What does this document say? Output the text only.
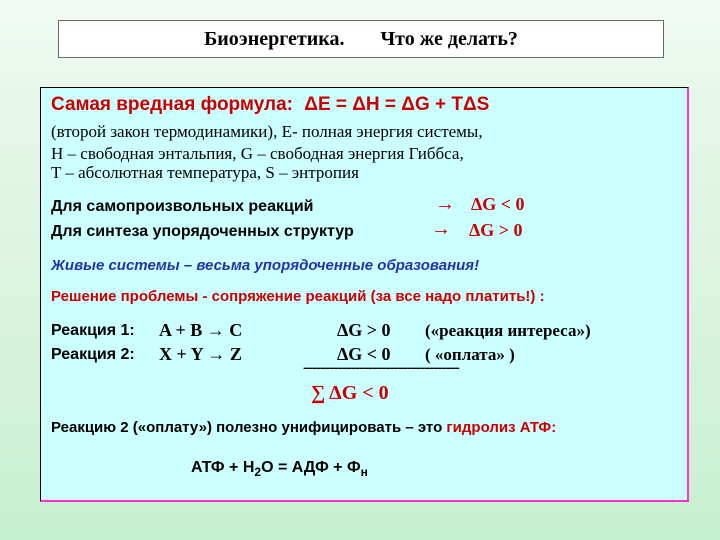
Биоэнергетика. Что же делать?
Самая вредная формула: ΔE = ΔH = ΔG + TΔS
(второй закон термодинамики), E- полная энергия системы,
H – свободная энтальпия, G – свободная энергия Гиббса,
T – абсолютная температура, S – энтропия
Для самопроизвольных реакций	→ ΔG < 0
Для синтеза упорядоченных структур	→ ΔG > 0
Живые системы – весьма упорядоченные образования!
Решение проблемы - сопряжение реакций (за все надо платить!) :
Реакция 1: A + B → C	ΔG > 0 («реакция интереса»)
Реакция 2: X + Y → Z	ΔG < 0 ( «оплата» )
------------------------------------
∑ ΔG < 0
Реакцию 2 («оплату») полезно унифицировать – это гидролиз АТФ:
АТФ + $Н_2О$ = АДФ + $Ф_н$
